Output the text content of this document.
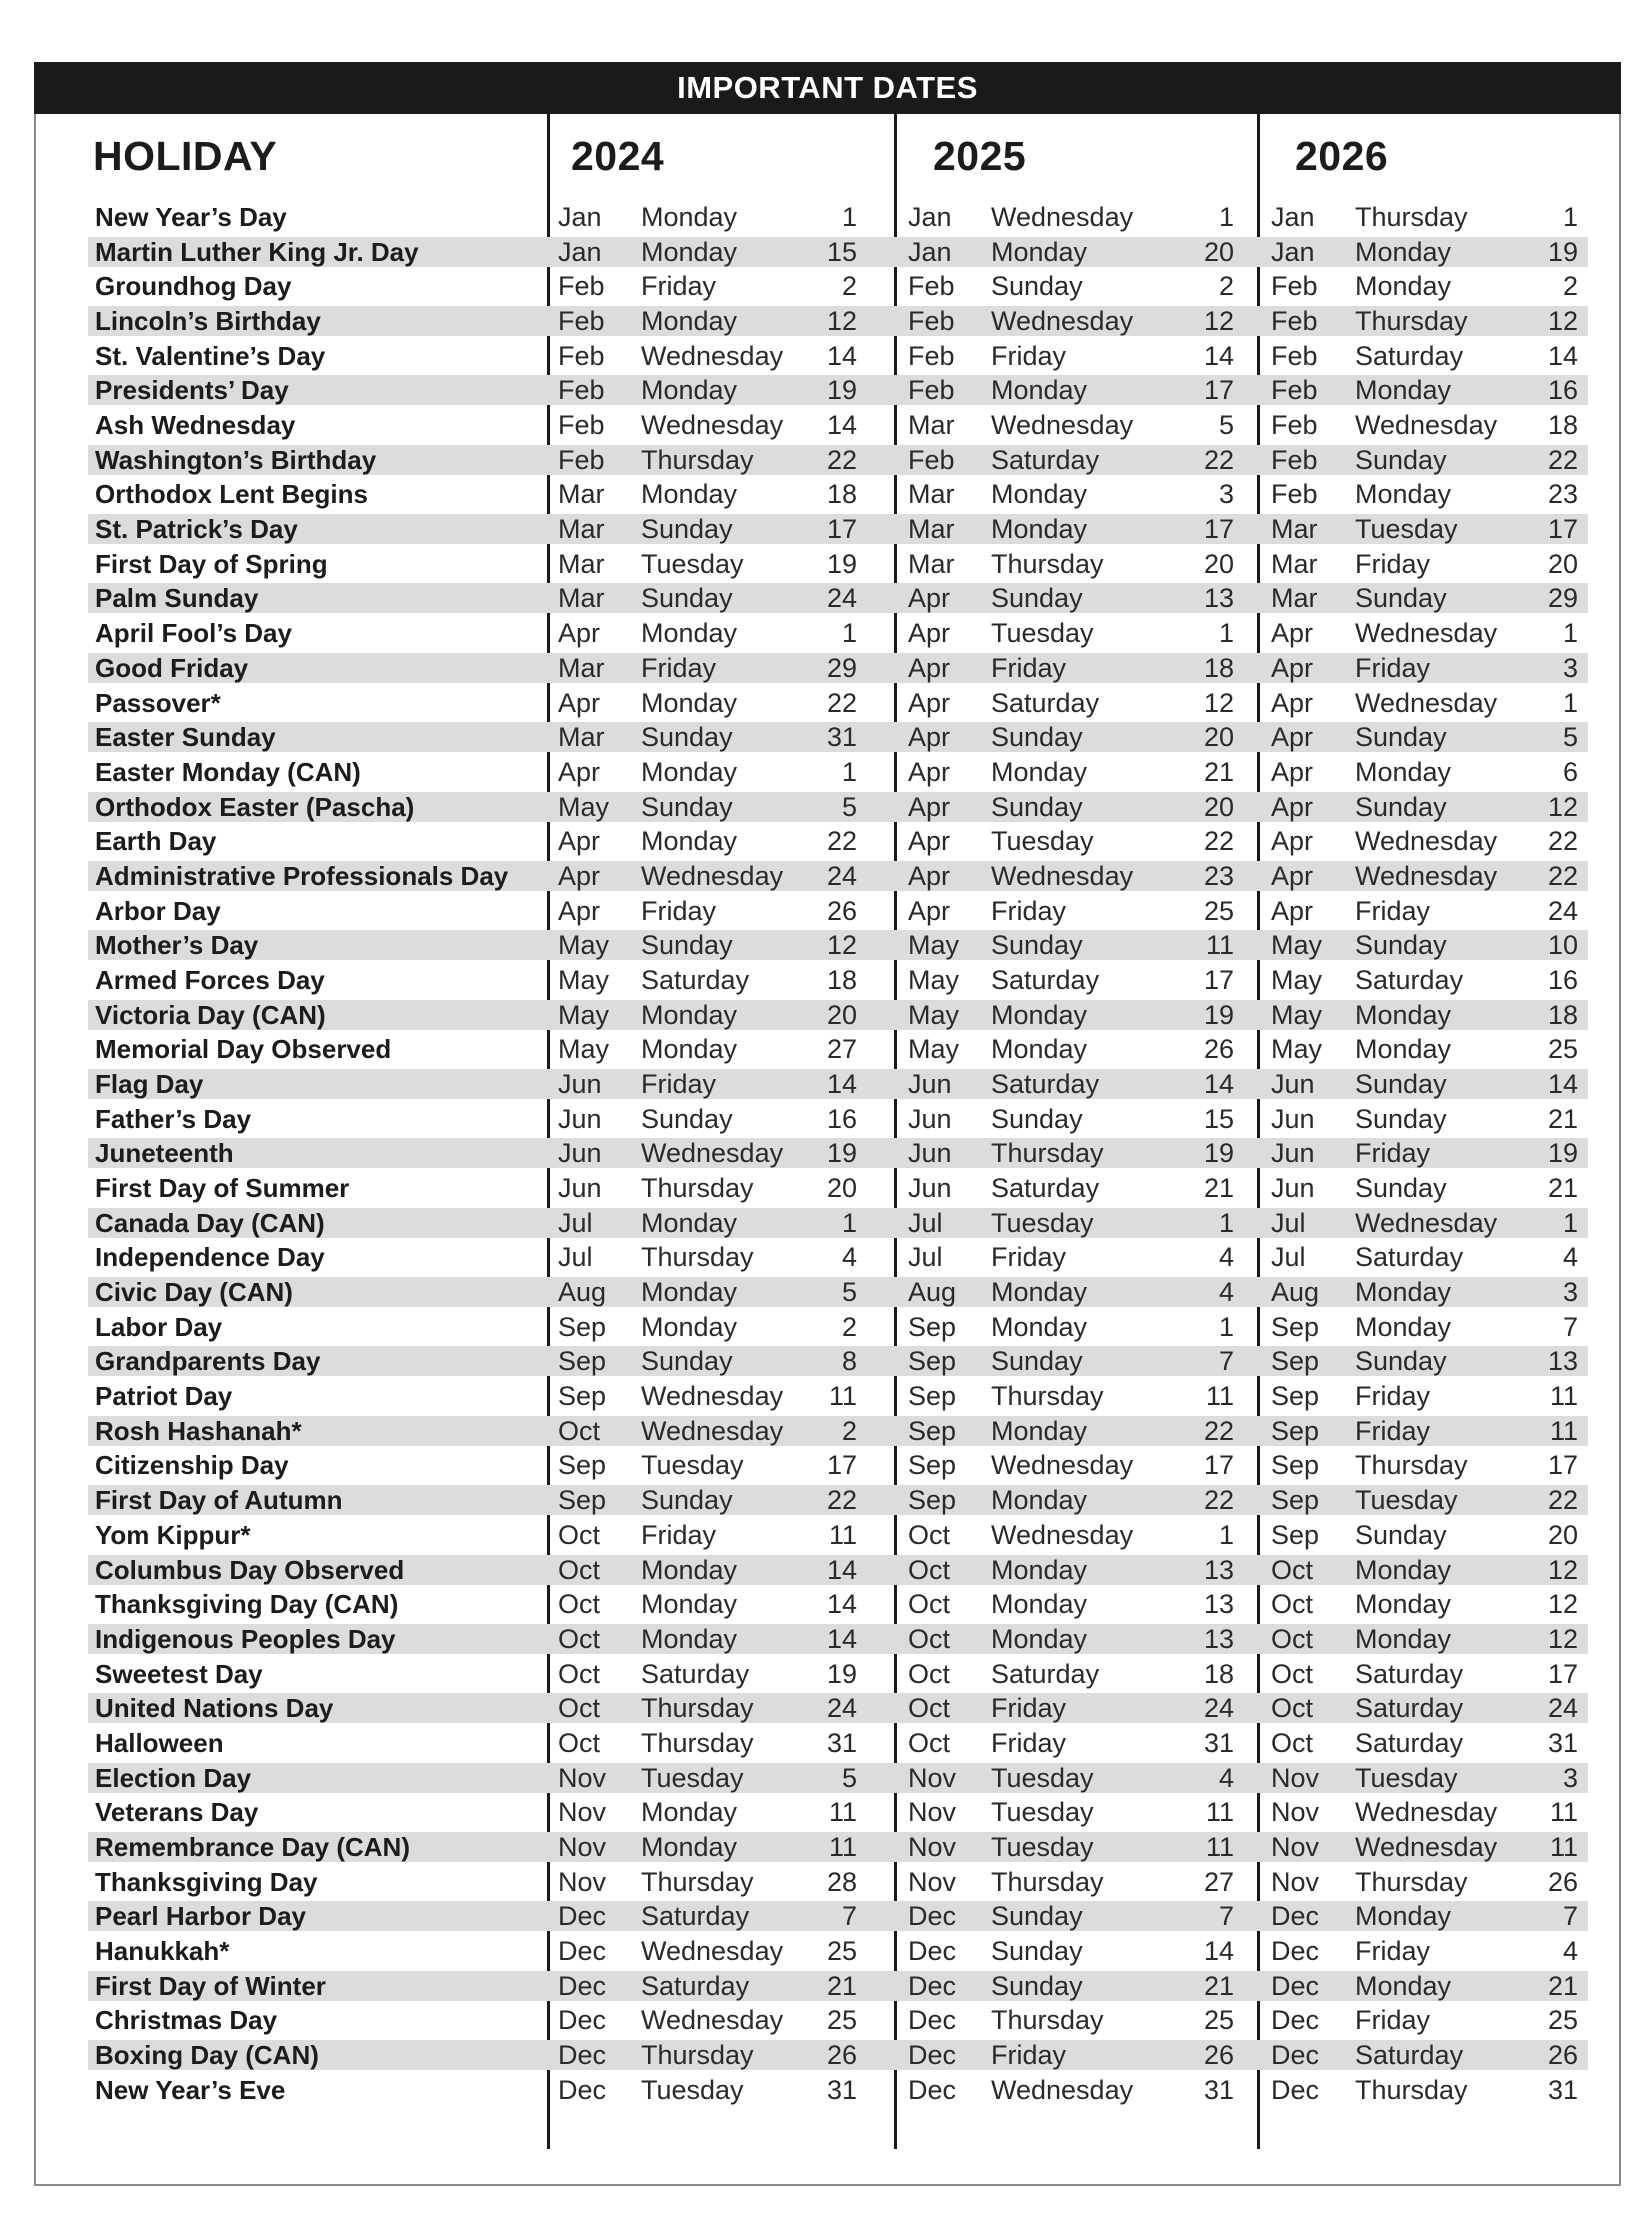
IMPORTANT DATES
HOLIDAY	2024	2025	2026
New Year’s Day	Jan Monday	1 Jan Wednesday	1 Jan Thursday	1
Martin Luther King Jr. Day	Jan Monday	15 Jan Monday	20 Jan Monday	19
Groundhog Day	Feb Friday	2 Feb Sunday	2 Feb Monday	2
Lincoln’s Birthday	Feb Monday	12 Feb Wednesday	12 Feb Thursday	12
St. Valentine’s Day	Feb Wednesday	14 Feb Friday	14 Feb Saturday	14
Presidents’ Day	Feb Monday	19 Feb Monday	17 Feb Monday	16
Ash Wednesday	Feb Wednesday	14 Mar Wednesday	5 Feb Wednesday	18
Washington’s Birthday	Feb Thursday	22 Feb Saturday	22 Feb Sunday	22
Orthodox Lent Begins	Mar Monday	18 Mar Monday	3 Feb Monday	23
St. Patrick’s Day	Mar Sunday	17 Mar Monday	17 Mar Tuesday	17
First Day of Spring	Mar Tuesday	19 Mar Thursday	20 Mar Friday	20
Palm Sunday	Mar Sunday	24 Apr Sunday	13 Mar Sunday	29
April Fool’s Day	Apr Monday	1 Apr Tuesday	1 Apr Wednesday	1
Good Friday	Mar Friday	29 Apr Friday	18 Apr Friday	3
Passover*	Apr Monday	22 Apr Saturday	12 Apr Wednesday	1
Easter Sunday	Mar Sunday	31 Apr Sunday	20 Apr Sunday	5
Easter Monday (CAN)	Apr Monday	1 Apr Monday	21 Apr Monday	6
Orthodox Easter (Pascha)	May Sunday	5 Apr Sunday	20 Apr Sunday	12
Earth Day	Apr Monday	22 Apr Tuesday	22 Apr Wednesday	22
Administrative Professionals Day Apr Wednesday	24 Apr Wednesday	23 Apr Wednesday	22
Arbor Day	Apr Friday	26 Apr Friday	25 Apr Friday	24
Mother’s Day	May Sunday	12 May Sunday	11 May Sunday	10
Armed Forces Day	May Saturday	18 May Saturday	17 May Saturday	16
Victoria Day (CAN)	May Monday	20 May Monday	19 May Monday	18
Memorial Day Observed	May Monday	27 May Monday	26 May Monday	25
Flag Day	Jun Friday	14 Jun Saturday	14 Jun Sunday	14
Father’s Day	Jun Sunday	16 Jun Sunday	15 Jun Sunday	21
Juneteenth	Jun Wednesday	19 Jun Thursday	19 Jun Friday	19
First Day of Summer	Jun Thursday	20 Jun Saturday	21 Jun Sunday	21
Canada Day (CAN)	Jul Monday	1 Jul Tuesday	1 Jul Wednesday	1
Independence Day	Jul Thursday	4 Jul Friday	4 Jul Saturday	4
Civic Day (CAN)	Aug Monday	5 Aug Monday	4 Aug Monday	3
Labor Day	Sep Monday	2 Sep Monday	1 Sep Monday	7
Grandparents Day	Sep Sunday	8 Sep Sunday	7 Sep Sunday	13
Patriot Day	Sep Wednesday	11 Sep Thursday	11 Sep Friday	11
Rosh Hashanah*	Oct Wednesday	2 Sep Monday	22 Sep Friday	11
Citizenship Day	Sep Tuesday	17 Sep Wednesday	17 Sep Thursday	17
First Day of Autumn	Sep Sunday	22 Sep Monday	22 Sep Tuesday	22
Yom Kippur*	Oct Friday	11 Oct Wednesday	1 Sep Sunday	20
Columbus Day Observed	Oct Monday	14 Oct Monday	13 Oct Monday	12
Thanksgiving Day (CAN)	Oct Monday	14 Oct Monday	13 Oct Monday	12
Indigenous Peoples Day	Oct Monday	14 Oct Monday	13 Oct Monday	12
Sweetest Day	Oct Saturday	19 Oct Saturday	18 Oct Saturday	17
United Nations Day	Oct Thursday	24 Oct Friday	24 Oct Saturday	24
Halloween	Oct Thursday	31 Oct Friday	31 Oct Saturday	31
Election Day	Nov Tuesday	5 Nov Tuesday	4 Nov Tuesday	3
Veterans Day	Nov Monday	11 Nov Tuesday	11 Nov Wednesday	11
Remembrance Day (CAN)	Nov Monday	11 Nov Tuesday	11 Nov Wednesday	11
Thanksgiving Day	Nov Thursday	28 Nov Thursday	27 Nov Thursday	26
Pearl Harbor Day	Dec Saturday	7 Dec Sunday	7 Dec Monday	7
Hanukkah*	Dec Wednesday	25 Dec Sunday	14 Dec Friday	4
First Day of Winter	Dec Saturday	21 Dec Sunday	21 Dec Monday	21
Christmas Day	Dec Wednesday	25 Dec Thursday	25 Dec Friday	25
Boxing Day (CAN)	Dec Thursday	26 Dec Friday	26 Dec Saturday	26
New Year’s Eve	Dec Tuesday	31 Dec Wednesday	31 Dec Thursday	31
